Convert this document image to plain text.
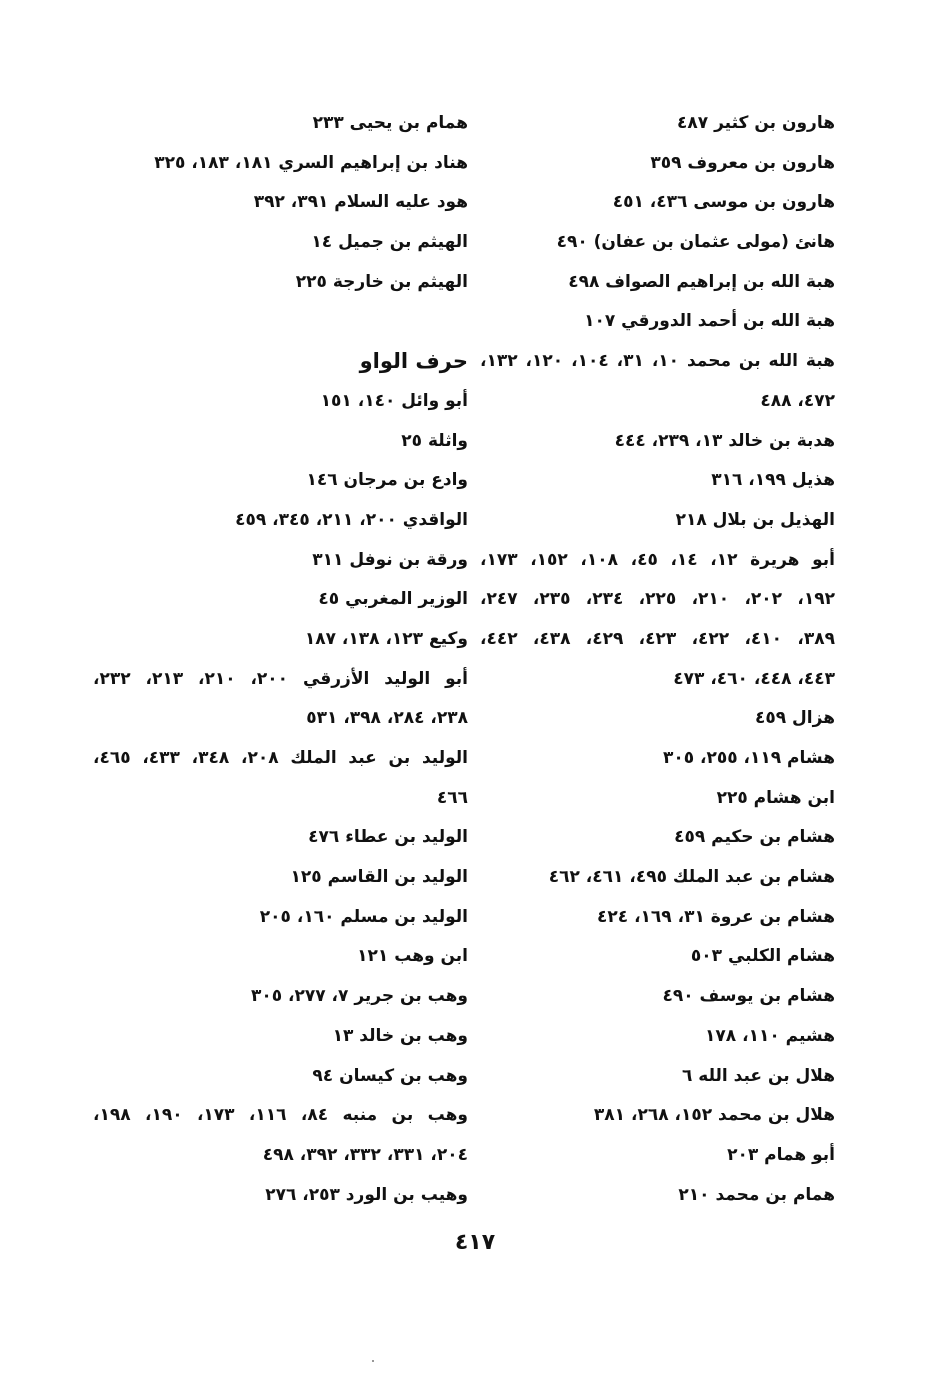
هارون بن كثير ٤٨٧
هارون بن معروف ٣٥٩
هارون بن موسى ٤٣٦، ٤٥١
هانئ (مولى عثمان بن عفان) ٤٩٠
هبة الله بن إبراهيم الصواف ٤٩٨
هبة الله بن أحمد الدورقي ١٠٧
هبة الله بن محمد ١٠، ٣١، ١٠٤، ١٢٠، ١٣٢،
٤٧٢، ٤٨٨
هدبة بن خالد ١٣، ٢٣٩، ٤٤٤
هذيل ١٩٩، ٣١٦
الهذيل بن بلال ٢١٨
أبو هريرة ١٢، ١٤، ٤٥، ١٠٨، ١٥٢، ١٧٣،
١٩٢، ٢٠٢، ٢١٠، ٢٢٥، ٢٣٤، ٢٣٥، ٢٤٧،
٣٨٩، ٤١٠، ٤٢٢، ٤٢٣، ٤٢٩، ٤٣٨، ٤٤٢،
٤٤٣، ٤٤٨، ٤٦٠، ٤٧٣
هزال ٤٥٩
هشام ١١٩، ٢٥٥، ٣٠٥
ابن هشام ٢٢٥
هشام بن حكيم ٤٥٩
هشام بن عبد الملك ٤٩٥، ٤٦١، ٤٦٢
هشام بن عروة ٣١، ١٦٩، ٤٢٤
هشام الكلبي ٥٠٣
هشام بن يوسف ٤٩٠
هشيم ١١٠، ١٧٨
هلال بن عبد الله ٦
هلال بن محمد ١٥٢، ٢٦٨، ٣٨١
أبو همام ٢٠٣
همام بن محمد ٢١٠
همام بن يحيى ٢٣٣
هناد بن إبراهيم السري ١٨١، ١٨٣، ٣٢٥
هود عليه السلام ٣٩١، ٣٩٢
الهيثم بن جميل ١٤
الهيثم بن خارجة ٢٢٥
حرف الواو
أبو وائل ١٤٠، ١٥١
واثلة ٢٥
وادع بن مرجان ١٤٦
الواقدي ٢٠٠، ٢١١، ٣٤٥، ٤٥٩
ورقة بن نوفل ٣١١
الوزير المغربي ٤٥
وكيع ١٢٣، ١٣٨، ١٨٧
أبو الوليد الأزرقي ٢٠٠، ٢١٠، ٢١٣، ٢٣٢،
٢٣٨، ٢٨٤، ٣٩٨، ٥٣١
الوليد بن عبد الملك ٢٠٨، ٣٤٨، ٤٣٣، ٤٦٥،
٤٦٦
الوليد بن عطاء ٤٧٦
الوليد بن القاسم ١٢٥
الوليد بن مسلم ١٦٠، ٢٠٥
ابن وهب ١٢١
وهب بن جرير ٧، ٢٧٧، ٣٠٥
وهب بن خالد ١٣
وهب بن كيسان ٩٤
وهب بن منبه ٨٤، ١١٦، ١٧٣، ١٩٠، ١٩٨،
٢٠٤، ٣٣١، ٣٣٢، ٣٩٢، ٤٩٨
وهيب بن الورد ٢٥٣، ٢٧٦
٤١٧
